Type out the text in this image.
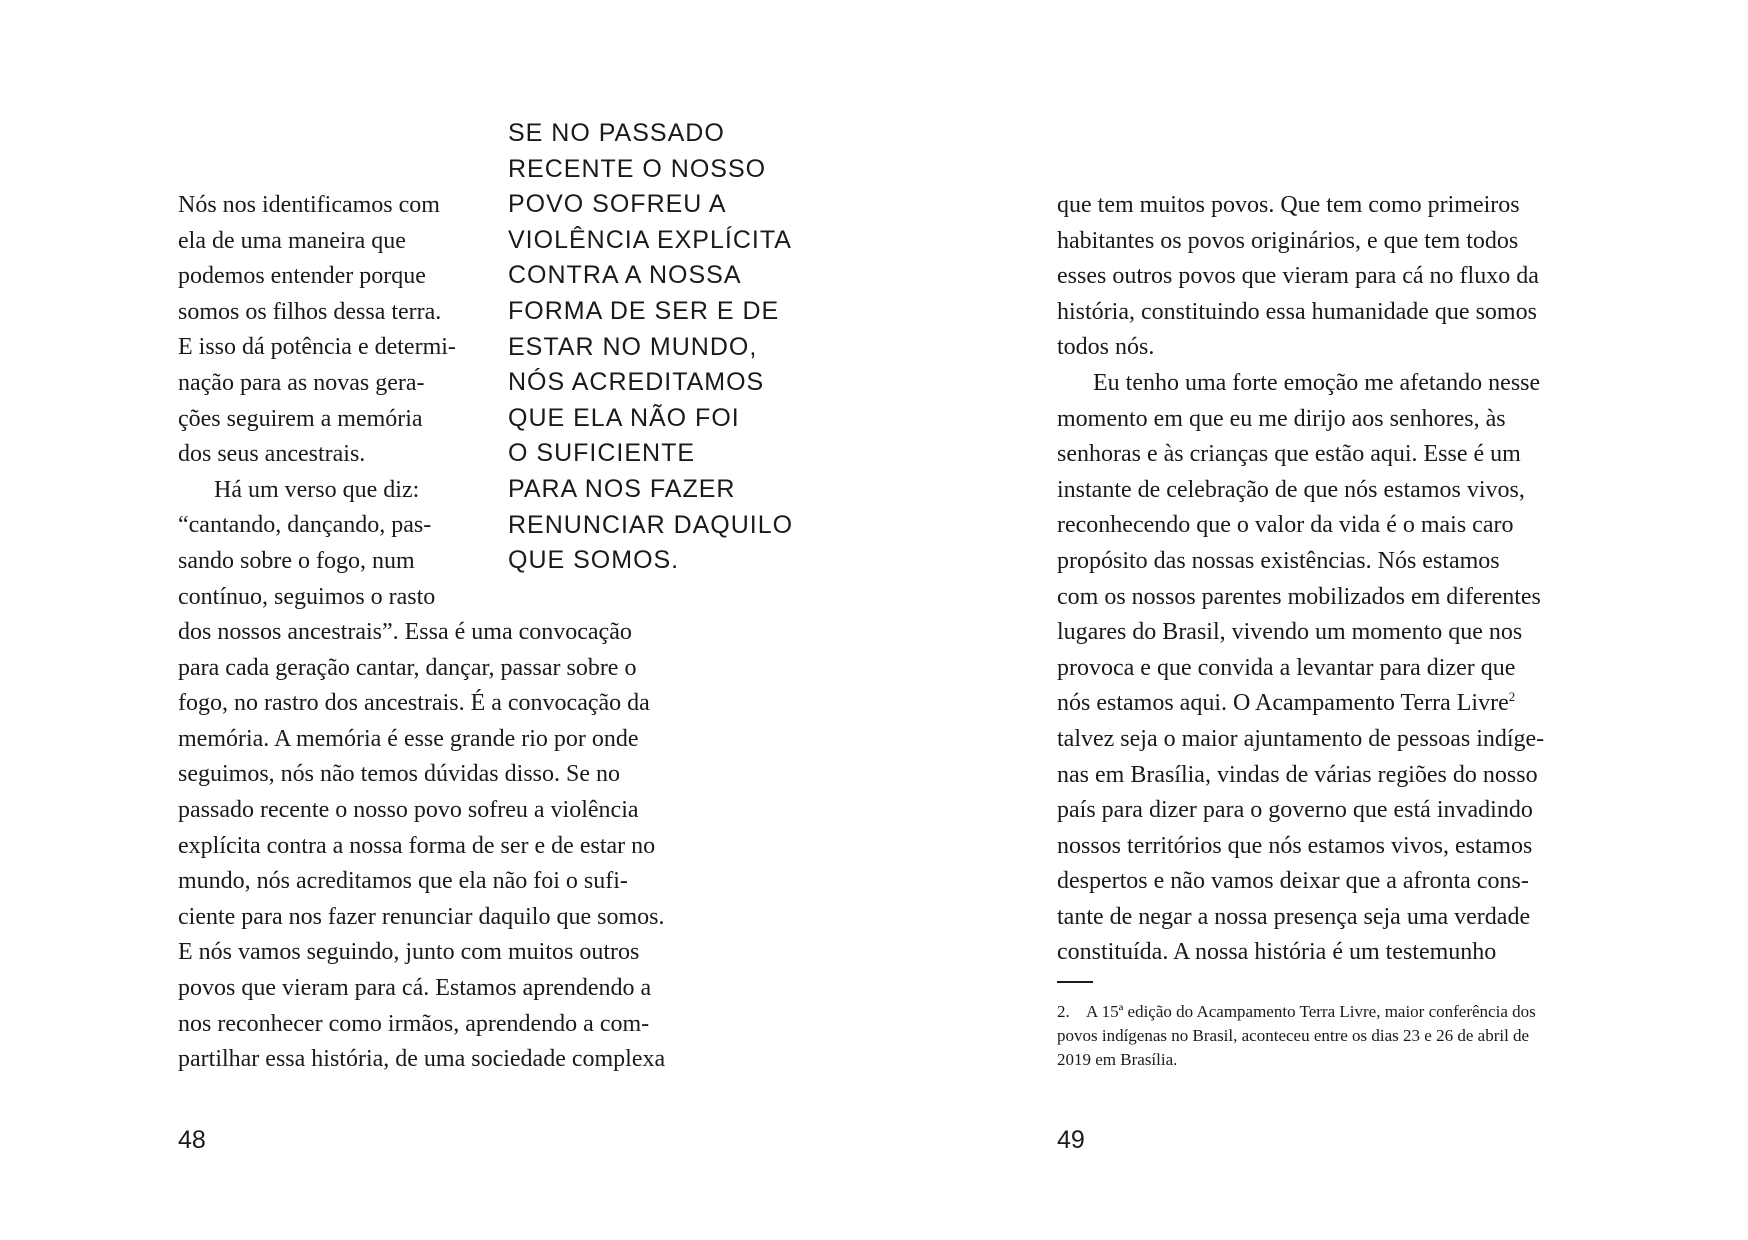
Nós nos identificamos com
ela de uma maneira que
podemos entender porque
somos os filhos dessa terra.
E isso dá potência e determi-
nação para as novas gera-
ções seguirem a memória
dos seus ancestrais.
Há um verso que diz:
“cantando, dançando, pas-
sando sobre o fogo, num
contínuo, seguimos o rasto
dos nossos ancestrais”. Essa é uma convocação
para cada geração cantar, dançar, passar sobre o
fogo, no rastro dos ancestrais. É a convocação da
memória. A memória é esse grande rio por onde
seguimos, nós não temos dúvidas disso. Se no
passado recente o nosso povo sofreu a violência
explícita contra a nossa forma de ser e de estar no
mundo, nós acreditamos que ela não foi o sufi-
ciente para nos fazer renunciar daquilo que somos.
E nós vamos seguindo, junto com muitos outros
povos que vieram para cá. Estamos aprendendo a
nos reconhecer como irmãos, aprendendo a com-
partilhar essa história, de uma sociedade complexa
SE NO PASSADO
RECENTE O NOSSO
POVO SOFREU A
VIOLÊNCIA EXPLÍCITA
CONTRA A NOSSA
FORMA DE SER E DE
ESTAR NO MUNDO,
NÓS ACREDITAMOS
QUE ELA NÃO FOI
O SUFICIENTE
PARA NOS FAZER
RENUNCIAR DAQUILO
QUE SOMOS.
48
que tem muitos povos. Que tem como primeiros
habitantes os povos originários, e que tem todos
esses outros povos que vieram para cá no fluxo da
história, constituindo essa humanidade que somos
todos nós.
Eu tenho uma forte emoção me afetando nesse
momento em que eu me dirijo aos senhores, às
senhoras e às crianças que estão aqui. Esse é um
instante de celebração de que nós estamos vivos,
reconhecendo que o valor da vida é o mais caro
propósito das nossas existências. Nós estamos
com os nossos parentes mobilizados em diferentes
lugares do Brasil, vivendo um momento que nos
provoca e que convida a levantar para dizer que
nós estamos aqui. O Acampamento Terra Livre$^2$
talvez seja o maior ajuntamento de pessoas indíge-
nas em Brasília, vindas de várias regiões do nosso
país para dizer para o governo que está invadindo
nossos territórios que nós estamos vivos, estamos
despertos e não vamos deixar que a afronta cons-
tante de negar a nossa presença seja uma verdade
constituída. A nossa história é um testemunho
2. A 15ª edição do Acampamento Terra Livre, maior conferência dos
povos indígenas no Brasil, aconteceu entre os dias 23 e 26 de abril de
2019 em Brasília.
49
